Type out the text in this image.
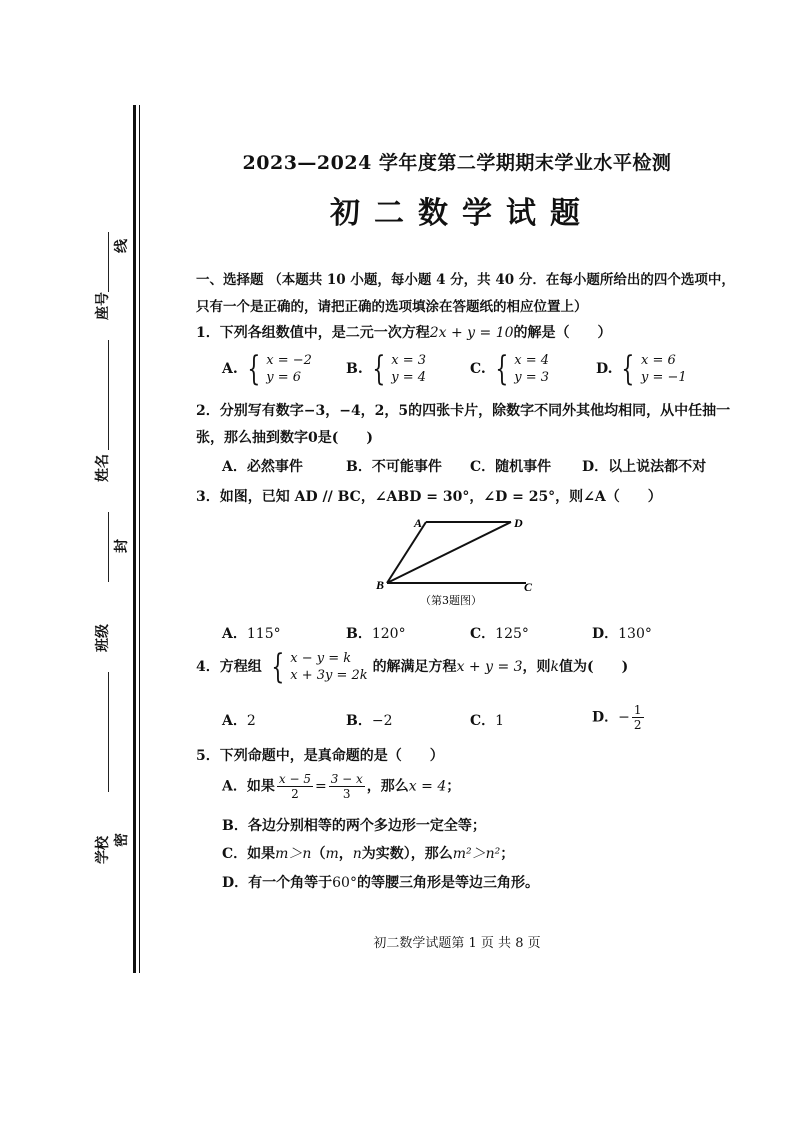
座号
线
姓名
封
班级
学校 密
2023—2024 学年度第二学期期末学业水平检测
初二数学试题
一、选择题 （本题共 10 小题，每小题 4 分，共 40 分．在每小题所给出的四个选项中，
只有一个是正确的，请把正确的选项填涂在答题纸的相应位置上）
1．下列各组数值中，是二元一次方程2x + y = 10的解是（　　）
A. { x = −2
y = 6
B. { x = 3
y = 4
C. { x = 4
y = 3
D. { x = 6
y = −1
2．分别写有数字−3，−4，2，5的四张卡片，除数字不同外其他均相同，从中任抽一
张，那么抽到数字0是(　　)
A．必然事件	B．不可能事件 C．随机事件 D．以上说法都不对
3．如图，已知 AD // BC，∠ABD = 30°，∠D = 25°，则∠A（　　）
A	D
B	C
（第3题图）
A．115°	B．120°	C．125°	D．130°
4．方程组 { x − y = k
x + 3y = 2k
的解满足方程x + y = 3，则k值为(　　)
A．2	B．−2	C．1	D．− $\frac{1}{2}$
5．下列命题中，是真命题的是（　　）
A．如果 $\frac{x - 5}{2} = \frac{3 - x}{3}$ ，那么x = 4；
B．各边分别相等的两个多边形一定全等；
C．如果m＞n（m，n为实数），那么m²＞n²；
D．有一个角等于60°的等腰三角形是等边三角形。
初二数学试题第 1 页 共 8 页
